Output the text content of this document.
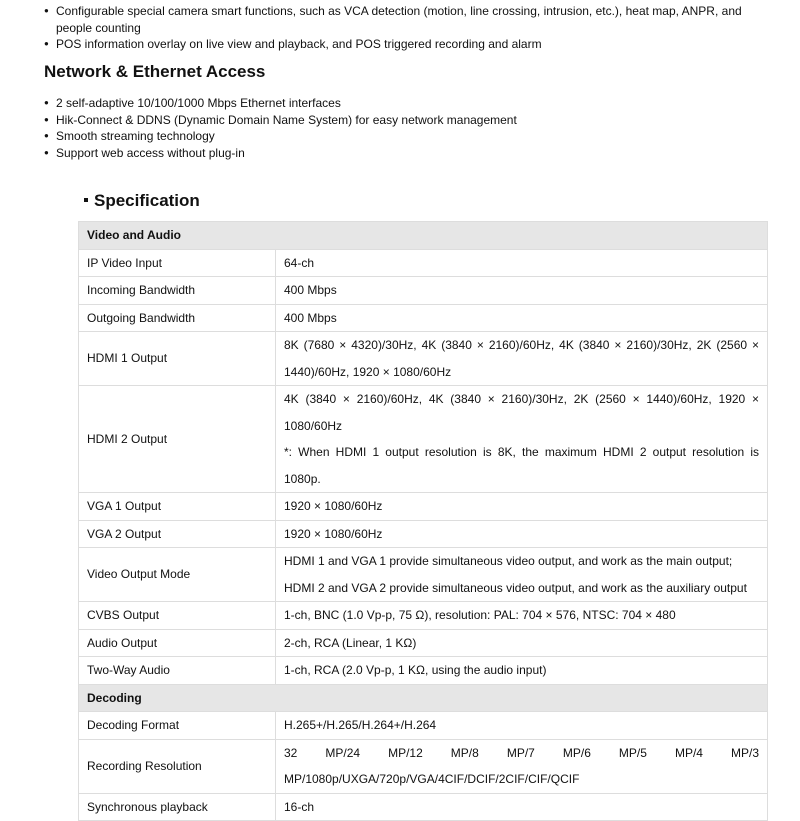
● Configurable special camera smart functions, such as VCA detection (motion, line crossing, intrusion, etc.), heat map, ANPR, and people counting
● POS information overlay on live view and playback, and POS triggered recording and alarm
Network & Ethernet Access
● 2 self-adaptive 10/100/1000 Mbps Ethernet interfaces
● Hik-Connect & DDNS (Dynamic Domain Name System) for easy network management
● Smooth streaming technology
● Support web access without plug-in
Specification
Video and Audio	
IP Video Input	64-ch
Incoming Bandwidth	400 Mbps
Outgoing Bandwidth	400 Mbps
HDMI 1 Output	8K (7680 × 4320)/30Hz, 4K (3840 × 2160)/60Hz, 4K (3840 × 2160)/30Hz, 2K (2560 × 1440)/60Hz, 1920 × 1080/60Hz

HDMI 2 Output	4K (3840 × 2160)/60Hz, 4K (3840 × 2160)/30Hz, 2K (2560 × 1440)/60Hz, 1920 × 1080/60Hz

*: When HDMI 1 output resolution is 8K, the maximum HDMI 2 output resolution is 1080p.

VGA 1 Output	1920 × 1080/60Hz
VGA 2 Output	1920 × 1080/60Hz
Video Output Mode	HDMI 1 and VGA 1 provide simultaneous video output, and work as the main output;

HDMI 2 and VGA 2 provide simultaneous video output, and work as the auxiliary output

CVBS Output	1-ch, BNC (1.0 Vp-p, 75 Ω), resolution: PAL: 704 × 576, NTSC: 704 × 480
Audio Output	2-ch, RCA (Linear, 1 KΩ)
Two-Way Audio	1-ch, RCA (2.0 Vp-p, 1 KΩ, using the audio input)
Decoding	
Decoding Format	H.265+/H.265/H.264+/H.264
Recording Resolution	32 MP/24 MP/12 MP/8 MP/7 MP/6 MP/5 MP/4 MP/3 MP/1080p/UXGA/720p/VGA/4CIF/DCIF/2CIF/CIF/QCIF

Synchronous playback	16-ch
